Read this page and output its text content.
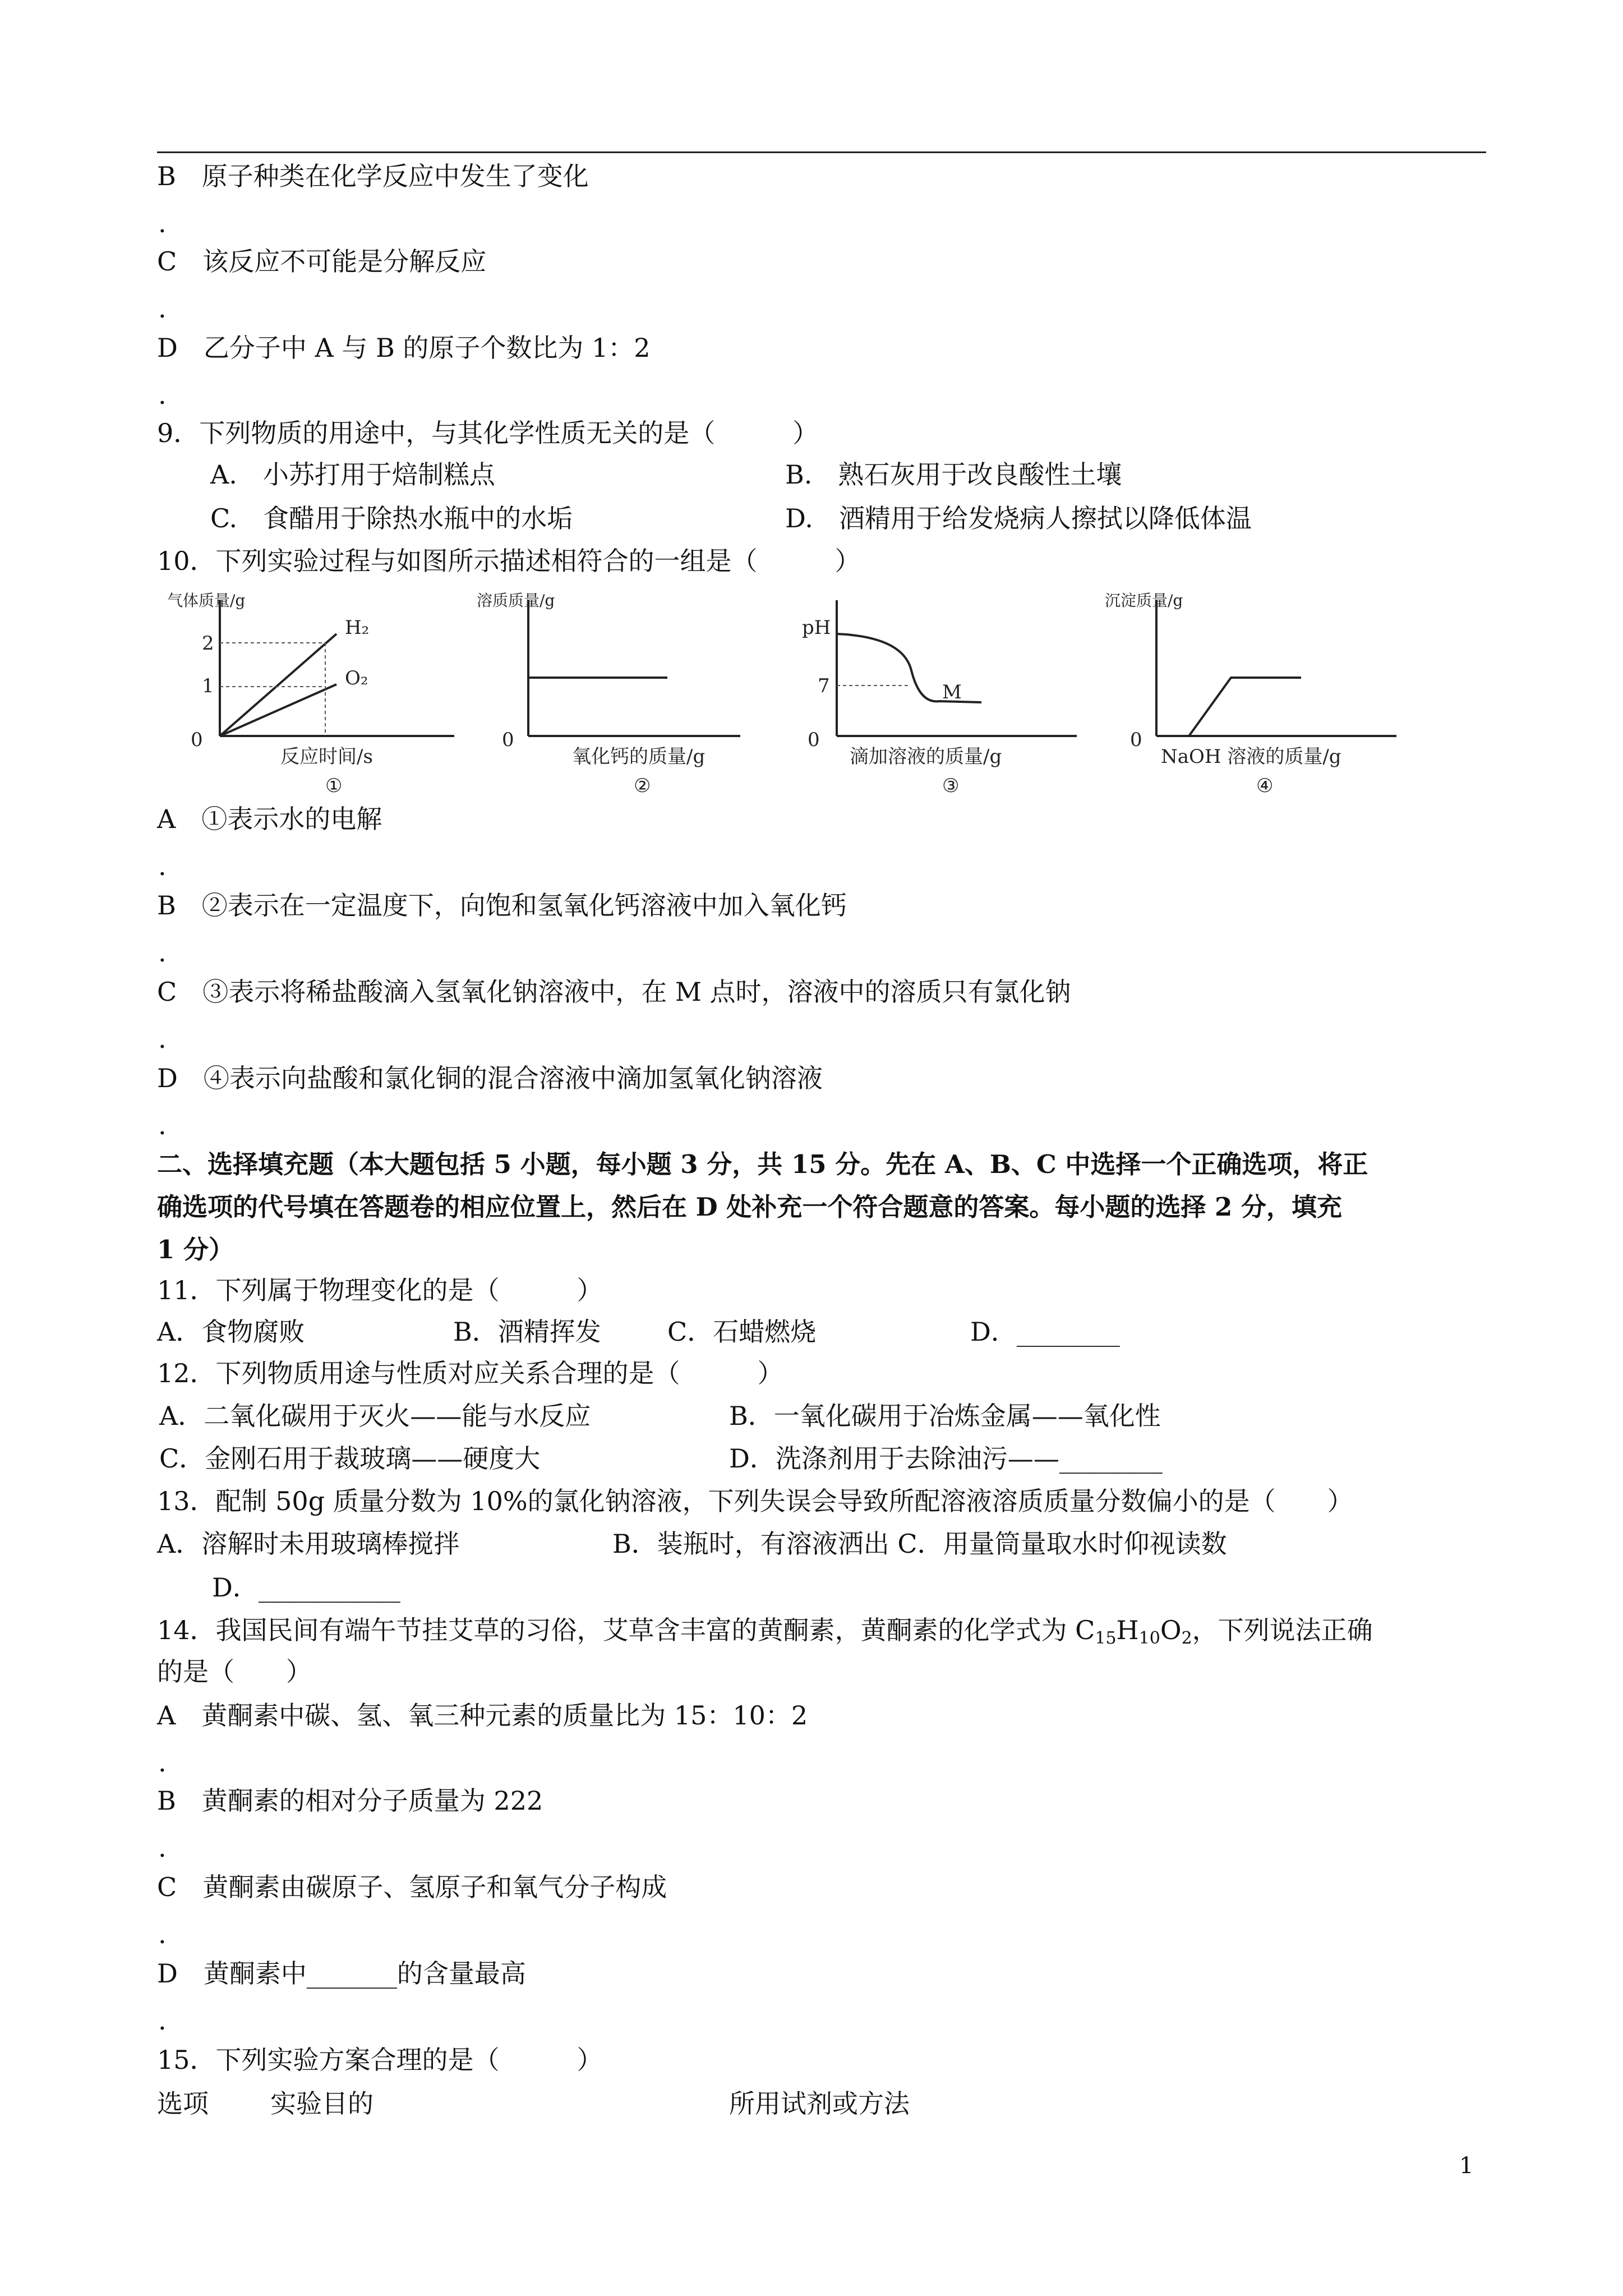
B　原子种类在化学反应中发生了变化
.
C　该反应不可能是分解反应
.
D　乙分子中 A 与 B 的原子个数比为 1：2
.
9．下列物质的用途中，与其化学性质无关的是（　　　）
A.　小苏打用于焙制糕点	B.　熟石灰用于改良酸性土壤
C.　食醋用于除热水瓶中的水垢	D.　酒精用于给发烧病人擦拭以降低体温
10．下列实验过程与如图所示描述相符合的一组是（　　　）
气体质量/g
2
1
0
H₂
O₂
反应时间/s
①
溶质质量/g
0
氧化钙的质量/g
②
pH
7
0
M
滴加溶液的质量/g
③
沉淀质量/g
0
NaOH 溶液的质量/g
④
A　①表示水的电解
.
B　②表示在一定温度下，向饱和氢氧化钙溶液中加入氧化钙
.
C　③表示将稀盐酸滴入氢氧化钠溶液中，在 M 点时，溶液中的溶质只有氯化钠
.
D　④表示向盐酸和氯化铜的混合溶液中滴加氢氧化钠溶液
.
二、选择填充题（本大题包括 5 小题，每小题 3 分，共 15 分。先在 A、B、C 中选择一个正确选项，将正
确选项的代号填在答题卷的相应位置上，然后在 D 处补充一个符合题意的答案。每小题的选择 2 分，填充
1 分）
11．下列属于物理变化的是（　　　）
A．食物腐败	B．酒精挥发	C．石蜡燃烧	D．________
12．下列物质用途与性质对应关系合理的是（　　　）
A．二氧化碳用于灭火——能与水反应	B．一氧化碳用于冶炼金属——氧化性
C．金刚石用于裁玻璃——硬度大	D．洗涤剂用于去除油污——________
13．配制 50g 质量分数为 10%的氯化钠溶液，下列失误会导致所配溶液溶质质量分数偏小的是（　　）
A．溶解时未用玻璃棒搅拌	B．装瓶时，有溶液洒出 C．用量筒量取水时仰视读数
D．___________
14．我国民间有端午节挂艾草的习俗，艾草含丰富的黄酮素，黄酮素的化学式为 $C_{15}H_{10}O_2$，下列说法正确
的是（　　）
A　黄酮素中碳、氢、氧三种元素的质量比为 15：10：2
.
B　黄酮素的相对分子质量为 222
.
C　黄酮素由碳原子、氢原子和氧气分子构成
.
D　黄酮素中_______的含量最高
.
15．下列实验方案合理的是（　　　）
选项 实验目的	所用试剂或方法
1
